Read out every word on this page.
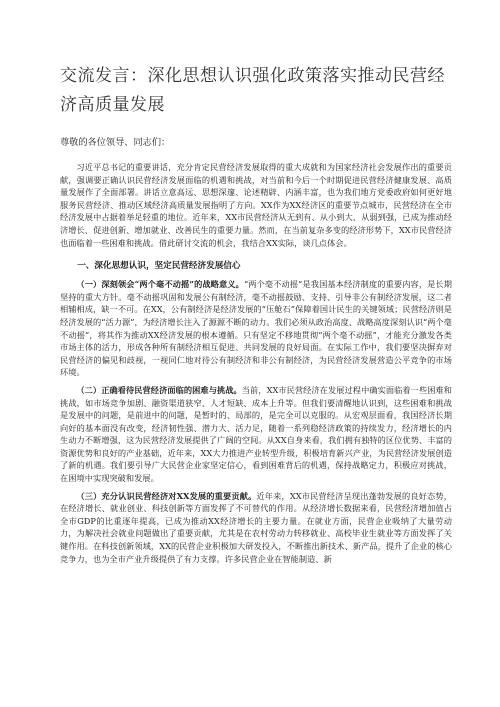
交流发言：深化思想认识强化政策落实推动民营经济高质量发展
尊敬的各位领导、同志们：

习近平总书记的重要讲话，充分肯定民营经济发展取得的重大成就和为国家经济社会发展作出的重要贡献，强调要正确认识民营经济发展面临的机遇和挑战，对当前和今后一个时期促进民营经济健康发展、高质量发展作了全面部署。讲话立意高远、思想深邃、论述精辟、内涵丰富，也为我们地方党委政府如何更好地服务民营经济、推动区域经济高质量发展指明了方向。XX作为XX经济区的重要节点城市，民营经济在全市经济发展中占据着举足轻重的地位。近年来，XX市民营经济从无到有、从小到大、从弱到强，已成为推动经济增长、促进创新、增加就业、改善民生的重要力量。然而，在当前复杂多变的经济形势下，XX市民营经济也面临着一些困难和挑战。借此研讨交流的机会，我结合XX实际，谈几点体会。

一、深化思想认识，坚定民营经济发展信心

（一）深刻领会“两个毫不动摇”的战略意义。“两个毫不动摇”是我国基本经济制度的重要内容，是长期坚持的重大方针。毫不动摇巩固和发展公有制经济，毫不动摇鼓励、支持、引导非公有制经济发展，这二者相辅相成，缺一不可。在XX，公有制经济是经济发展的“压舱石”保障着国计民生的关键领域；民营经济则是经济发展的“活力源”，为经济增长注入了源源不断的动力。我们必须从政治高度、战略高度深刻认识“两个毫不动摇”，将其作为推动XX经济发展的根本遵循。只有坚定不移地贯彻“两个毫不动摇”，才能充分激发各类市场主体的活力，形成各种所有制经济相互促进、共同发展的良好局面。在实际工作中，我们要坚决摒弃对民营经济的偏见和歧视，一视同仁地对待公有制经济和非公有制经济，为民营经济发展营造公平竞争的市场环境。

（二）正确看待民营经济面临的困难与挑战。当前，XX市民营经济在发展过程中确实面临着一些困难和挑战，如市场竞争加剧、融资渠道狭窄、人才短缺、成本上升等。但我们要清醒地认识到，这些困难和挑战是发展中的问题，是前进中的问题，是暂时的、局部的，是完全可以克服的。从宏观层面看，我国经济长期向好的基本面没有改变，经济韧性强、潜力大、活力足，随着一系列稳经济政策的持续发力，经济增长的内生动力不断增强，这为民营经济发展提供了广阔的空间。从XX自身来看，我们拥有独特的区位优势、丰富的资源优势和良好的产业基础，近年来，XX大力推进产业转型升级，积极培育新兴产业，为民营经济发展创造了新的机遇。我们要引导广大民营企业家坚定信心，看到困难背后的机遇，保持战略定力，积极应对挑战，在困境中实现突破和发展。

（三）充分认识民营经济对XX发展的重要贡献。近年来，XX市民营经济呈现出蓬勃发展的良好态势，在经济增长、就业创业、科技创新等方面发挥了不可替代的作用。从经济增长数据来看，民营经济增加值占全市GDP的比重逐年提高，已成为推动XX经济增长的主要力量。在就业方面，民营企业吸纳了大量劳动力，为解决社会就业问题做出了重要贡献，尤其是在农村劳动力转移就业、高校毕业生就业等方面发挥了关键作用。在科技创新领域，XX的民营企业积极加大研发投入，不断推出新技术、新产品，提升了企业的核心竞争力，也为全市产业升级提供了有力支撑。许多民营企业在智能制造、新
